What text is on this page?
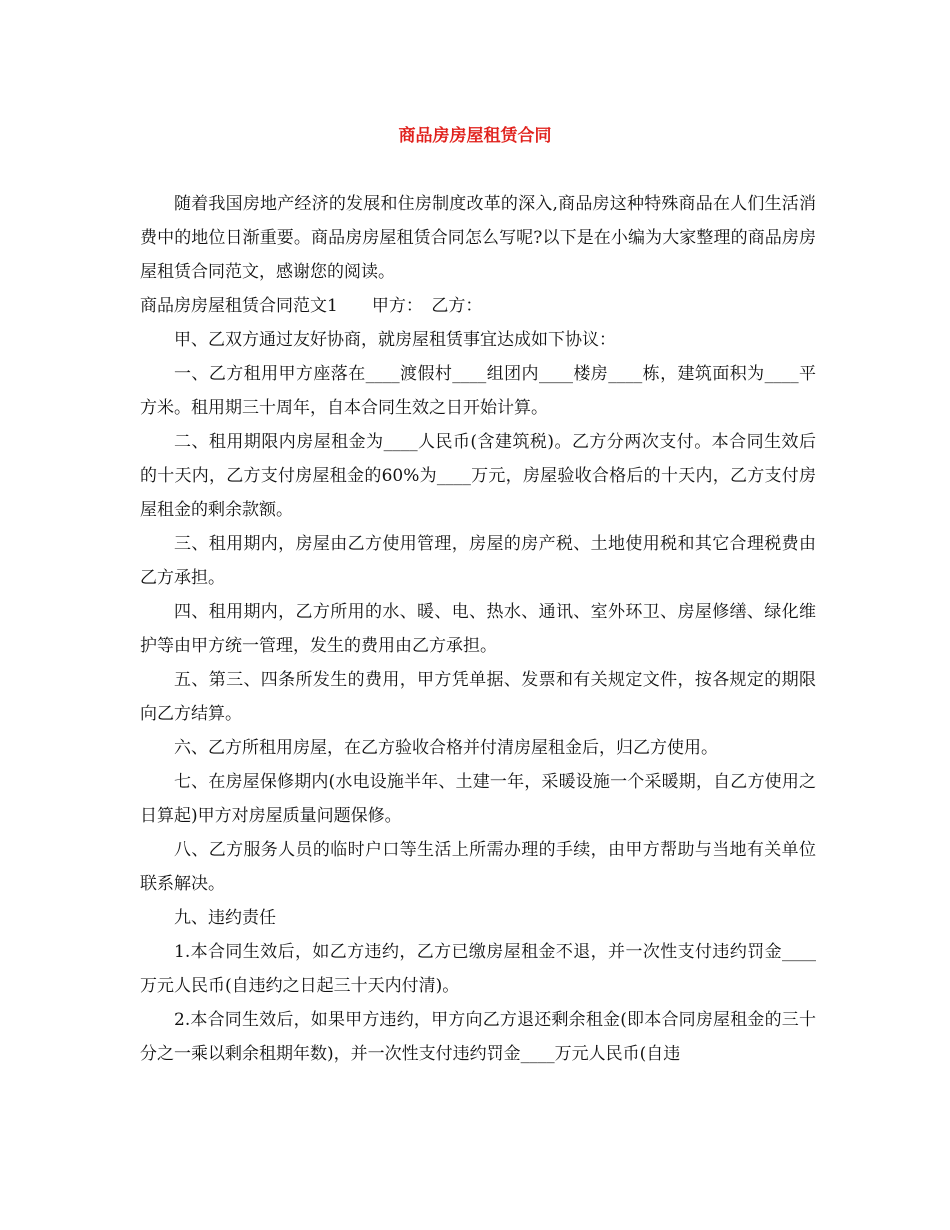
商品房房屋租赁合同

随着我国房地产经济的发展和住房制度改革的深入,商品房这种特殊商品在人们生活消费中的地位日渐重要。商品房房屋租赁合同怎么写呢?以下是在小编为大家整理的商品房房屋租赁合同范文，感谢您的阅读。

商品房房屋租赁合同范文1　　甲方：　乙方：

甲、乙双方通过友好协商，就房屋租赁事宜达成如下协议：

一、乙方租用甲方座落在____渡假村____组团内____楼房____栋，建筑面积为____平方米。租用期三十周年，自本合同生效之日开始计算。

二、租用期限内房屋租金为____人民币(含建筑税)。乙方分两次支付。本合同生效后的十天内，乙方支付房屋租金的60%为____万元，房屋验收合格后的十天内，乙方支付房屋租金的剩余款额。

三、租用期内，房屋由乙方使用管理，房屋的房产税、土地使用税和其它合理税费由乙方承担。

四、租用期内，乙方所用的水、暖、电、热水、通讯、室外环卫、房屋修缮、绿化维护等由甲方统一管理，发生的费用由乙方承担。

五、第三、四条所发生的费用，甲方凭单据、发票和有关规定文件，按各规定的期限向乙方结算。

六、乙方所租用房屋，在乙方验收合格并付清房屋租金后，归乙方使用。

七、在房屋保修期内(水电设施半年、土建一年，采暖设施一个采暖期，自乙方使用之日算起)甲方对房屋质量问题保修。

八、乙方服务人员的临时户口等生活上所需办理的手续，由甲方帮助与当地有关单位联系解决。

九、违约责任

1.本合同生效后，如乙方违约，乙方已缴房屋租金不退，并一次性支付违约罚金____万元人民币(自违约之日起三十天内付清)。

2.本合同生效后，如果甲方违约，甲方向乙方退还剩余租金(即本合同房屋租金的三十分之一乘以剩余租期年数)，并一次性支付违约罚金____万元人民币(自违
